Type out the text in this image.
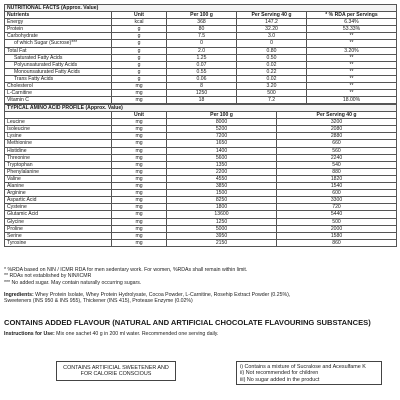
NUTRITIONAL FACTS (Approx. Value)				
Nutrients	Unit	Per 100 g	Per Serving 40 g	* % RDA per Servings
Energy	kcal	368	147.2	6.34%
Protein	g	80	32.20	53.33%
Carbohydrate	g	7.5	3.0	**
of which Sugar (Sucrose)***	g	0	0	**
Total Fat	g	2.0	0.80	3.20%
Saturated Fatty Acids	g	1.25	0.50	**
Polyunsaturated Fatty Acids	g	0.07	0.02	**
Monounsaturated Fatty Acids	g	0.55	0.22	**
Trans Fatty Acids	g	0.06	0.02	**
Cholesterol	mg	8	3.20	**
L-Carnitine	mg	1250	500	**
Vitamin C	mg	18	7.2	18.00%
TYPICAL AMINO ACID PROFILE (Approx. Value)			
	Unit	Per 100 g	Per Serving 40 g
Leucine	mg	8000	3200
Isoleucine	mg	5200	2080
Lysine	mg	7200	2880
Methionine	mg	1650	660
Histidine	mg	1400	560
Threonine	mg	5600	2240
Tryptophan	mg	1350	540
Phenylalanine	mg	2200	880
Valine	mg	4550	1820
Alanine	mg	3850	1540
Arginine	mg	1500	600
Aspartic Acid	mg	8250	3300
Cysteine	mg	1800	720
Glutamic Acid	mg	13600	5440
Glycine	mg	1250	500
Proline	mg	5000	2000
Serine	mg	3950	1580
Tyrosine	mg	2150	860
* %RDA based on NIN / ICMR RDA for men sedentary work. For women, %RDAs shall remain within limit.
** RDAs not established by NIN/ICMR
*** No added sugar. May contain naturally occurring sugars.
Ingredients: Whey Protein Isolate, Whey Protein Hydrolysate, Cocoa Powder, L-Carnitine, Rosehip Extract Powder (0.25%),
Sweeteners (INS 950 & INS 955), Thickener (INS 415), Protease Enzyme (0.02%)
CONTAINS ADDED FLAVOUR (NATURAL AND ARTIFICIAL CHOCOLATE FLAVOURING SUBSTANCES)
Instructions for Use: Mix one sachet 40 g in 200 ml water. Recommended one serving daily.
CONTAINS ARTIFICIAL SWEETENER AND
FOR CALORIE CONSCIOUS
i) Contains a mixture of Sucralose and Acesulfame K
ii) Not recommended for children
iii) No sugar added in the product
